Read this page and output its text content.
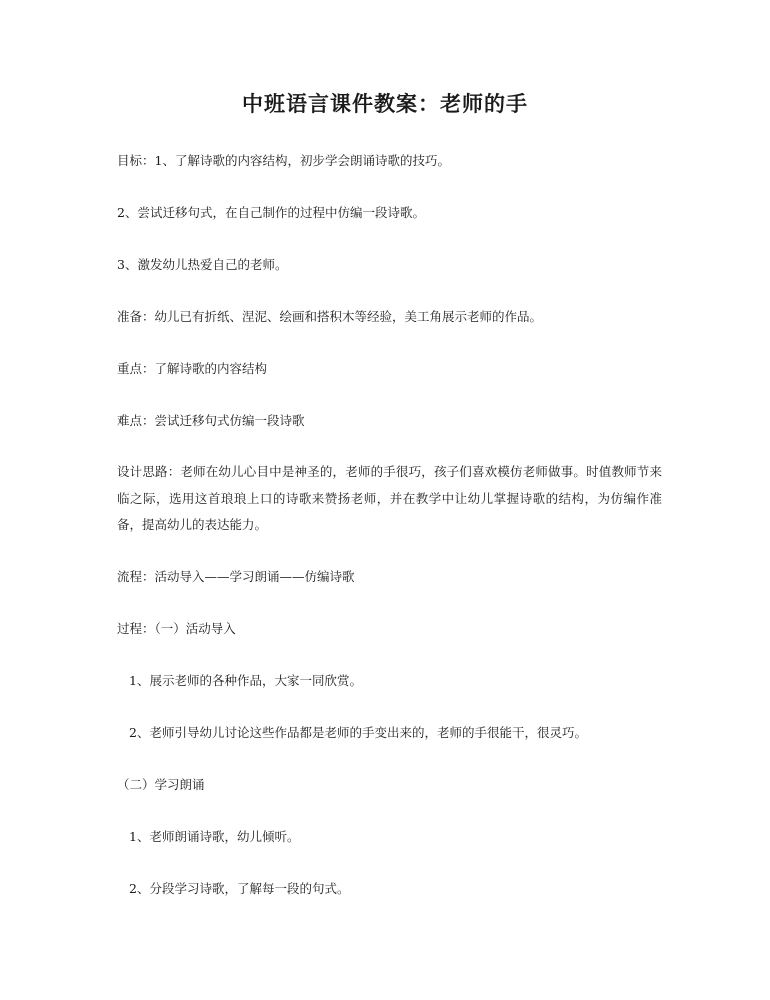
中班语言课件教案：老师的手
目标：1、了解诗歌的内容结构，初步学会朗诵诗歌的技巧。
2、尝试迁移句式，在自己制作的过程中仿编一段诗歌。
3、激发幼儿热爱自己的老师。
准备：幼儿已有折纸、涅泥、绘画和搭积木等经验，美工角展示老师的作品。
重点：了解诗歌的内容结构
难点：尝试迁移句式仿编一段诗歌
设计思路：老师在幼儿心目中是神圣的，老师的手很巧，孩子们喜欢模仿老师做事。时值教师节来临之际，选用这首琅琅上口的诗歌来赞扬老师，并在教学中让幼儿掌握诗歌的结构，为仿编作准备，提高幼儿的表达能力。
流程：活动导入——学习朗诵——仿编诗歌
过程：（一）活动导入
1、展示老师的各种作品，大家一同欣赏。
2、老师引导幼儿讨论这些作品都是老师的手变出来的，老师的手很能干，很灵巧。
（二）学习朗诵
1、老师朗诵诗歌，幼儿倾听。
2、分段学习诗歌，了解每一段的句式。
